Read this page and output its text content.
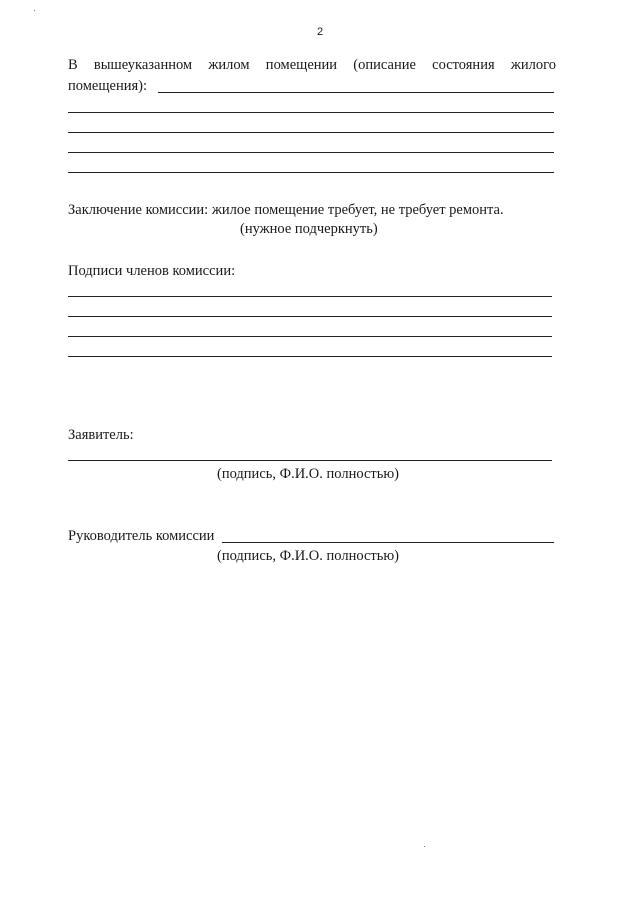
2
В вышеуказанном жилом помещении (описание состояния жилого
помещения):
Заключение комиссии: жилое помещение требует, не требует ремонта.
(нужное подчеркнуть)
Подписи членов комиссии:
Заявитель:
(подпись, Ф.И.О. полностью)
Руководитель комиссии
(подпись, Ф.И.О. полностью)
